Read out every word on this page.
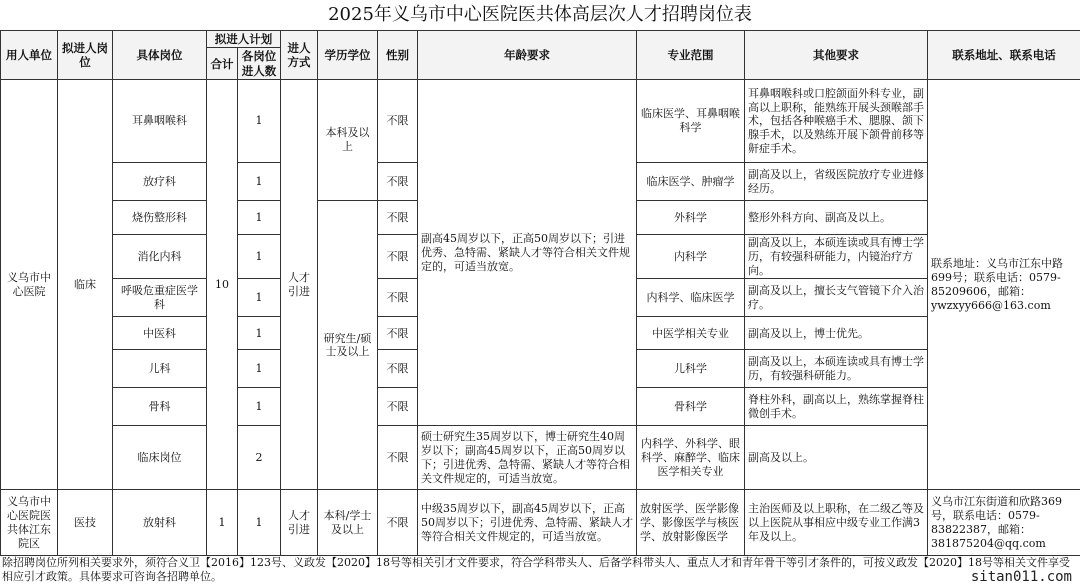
2025年义乌市中心医院医共体高层次人才招聘岗位表
用人单位	拟进人岗位	具体岗位	拟进人计划		进人方式	学历学位	性别	年龄要求	专业范围	其他要求	联系地址、联系电话
			合计	各岗位进人数							
义乌市中心医院	临床	耳鼻咽喉科	10	1	人才引进	本科及以上	不限	副高45周岁以下，正高50周岁以下；引进优秀、急特需、紧缺人才等符合相关文件规定的，可适当放宽。	临床医学、耳鼻咽喉科学	耳鼻咽喉科或口腔颌面外科专业，副高以上职称，能熟练开展头颈喉部手术，包括各种喉癌手术、腮腺、颌下腺手术，以及熟练开展下颌骨前移等鼾症手术。	联系地址：义乌市江东中路699号；联系电话：0579-85209606，邮箱：ywzxyy666@163.com
		放疗科		1			不限		临床医学、肿瘤学	副高及以上，省级医院放疗专业进修经历。	
		烧伤整形科		1		研究生/硕士及以上	不限		外科学	整形外科方向、副高及以上。	
		消化内科		1			不限		内科学	副高及以上，本硕连读或具有博士学历，有较强科研能力，内镜治疗方向。	
		呼吸危重症医学科		1			不限		内科学、临床医学	副高及以上，擅长支气管镜下介入治疗。	
		中医科		1			不限		中医学相关专业	副高及以上，博士优先。	
		儿科		1			不限		儿科学	副高及以上，本硕连读或具有博士学历，有较强科研能力。	
		骨科		1			不限		骨科学	脊柱外科，副高以上，熟练掌握脊柱微创手术。	
		临床岗位		2			不限	硕士研究生35周岁以下，博士研究生40周岁以下；副高45周岁以下，正高50周岁以下；引进优秀、急特需、紧缺人才等符合相关文件规定的，可适当放宽。	内科学、外科学、眼科学、麻醉学、临床医学相关专业	副高及以上。	
义乌市中心医院医共体江东院区	医技	放射科	1	1	人才引进	本科/学士及以上	不限	中级35周岁以下，副高45周岁以下，正高50周岁以下；引进优秀、急特需、紧缺人才等符合相关文件规定的，可适当放宽。	放射医学、医学影像学、影像医学与核医学、放射影像医学	主治医师及以上职称，在二级乙等及以上医院从事相应中级专业工作满3年及以上。	义乌市江东街道和欣路369号，联系电话：0579-83822387，邮箱：381875204@qq.com
除招聘岗位所列相关要求外，须符合义卫【2016】123号、义政发【2020】18号等相关引才文件要求，符合学科带头人、后备学科带头人、重点人才和青年骨干等引才条件的，可按义政发【2020】18号等相关文件享受相应引才政策。具体要求可咨询各招聘单位。	sitan011.com
